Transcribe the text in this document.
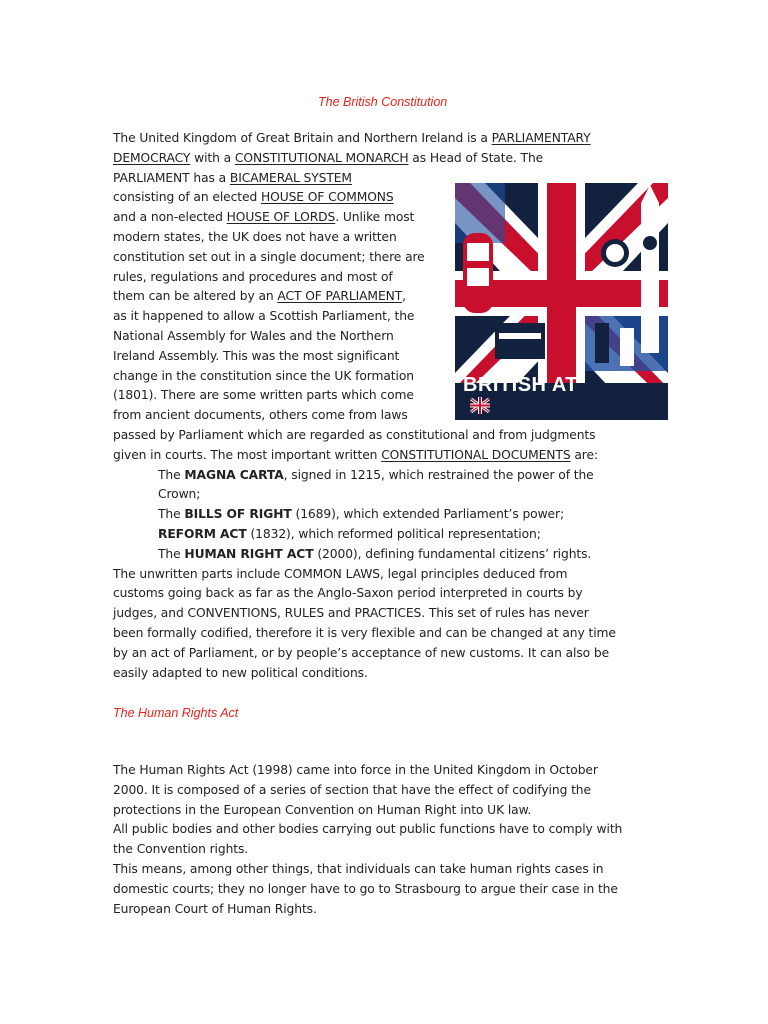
The British Constitution
The United Kingdom of Great Britain and Northern Ireland is a PARLIAMENTARY
DEMOCRACY with a CONSTITUTIONAL MONARCH as Head of State. The
PARLIAMENT has a BICAMERAL SYSTEM
consisting of an elected HOUSE OF COMMONS
and a non-elected HOUSE OF LORDS. Unlike most
modern states, the UK does not have a written
constitution set out in a single document; there are
rules, regulations and procedures and most of
them can be altered by an ACT OF PARLIAMENT,
as it happened to allow a Scottish Parliament, the
National Assembly for Wales and the Northern
Ireland Assembly. This was the most significant
change in the constitution since the UK formation
(1801). There are some written parts which come
from ancient documents, others come from laws
passed by Parliament which are regarded as constitutional and from judgments
given in courts. The most important written CONSTITUTIONAL DOCUMENTS are:
The MAGNA CARTA, signed in 1215, which restrained the power of the
Crown;
The BILLS OF RIGHT (1689), which extended Parliament’s power;
REFORM ACT (1832), which reformed political representation;
The HUMAN RIGHT ACT (2000), defining fundamental citizens’ rights.
The unwritten parts include COMMON LAWS, legal principles deduced from
customs going back as far as the Anglo-Saxon period interpreted in courts by
judges, and CONVENTIONS, RULES and PRACTICES. This set of rules has never
been formally codified, therefore it is very flexible and can be changed at any time
by an act of Parliament, or by people’s acceptance of new customs. It can also be
easily adapted to new political conditions.
BRITISH AT
The Human Rights Act
The Human Rights Act (1998) came into force in the United Kingdom in October
2000. It is composed of a series of section that have the effect of codifying the
protections in the European Convention on Human Right into UK law.
All public bodies and other bodies carrying out public functions have to comply with
the Convention rights.
This means, among other things, that individuals can take human rights cases in
domestic courts; they no longer have to go to Strasbourg to argue their case in the
European Court of Human Rights.
